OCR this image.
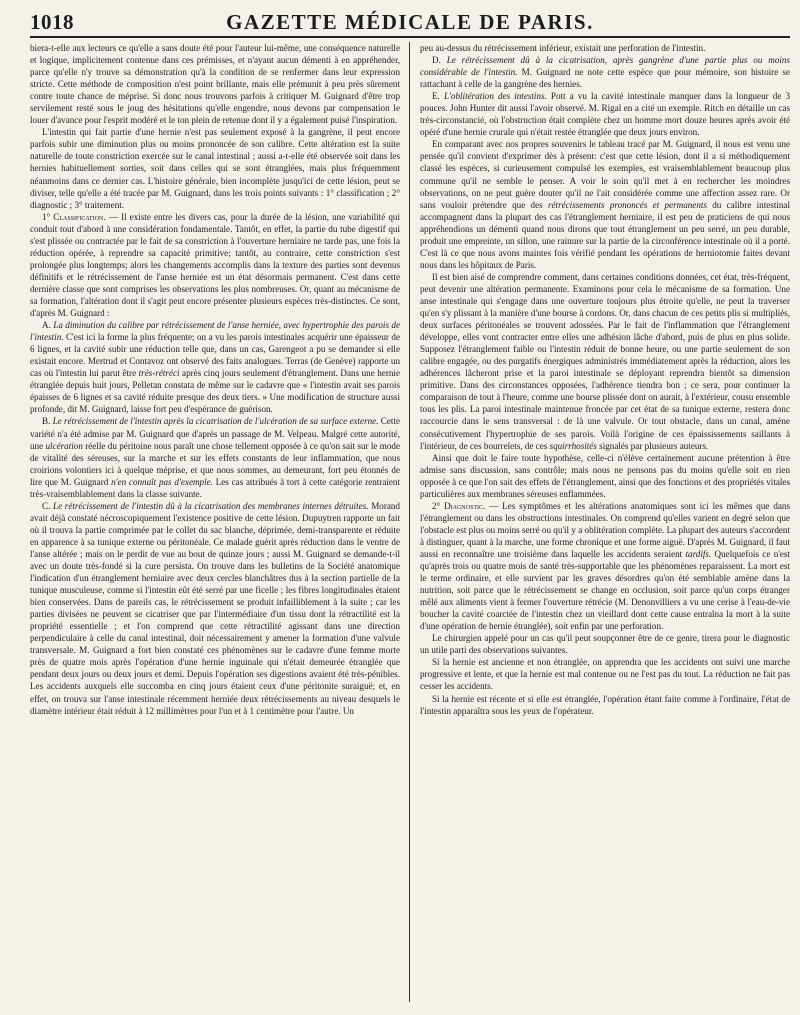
1018	GAZETTE MÉDICALE DE PARIS.

biera-t-elle aux lecteurs ce qu'elle a sans doute été pour l'auteur lui-même, une conséquence naturelle et logique, implicitement contenue dans ces prémisses, et n'ayant aucun démenti à en appréhender, parce qu'elle n'y trouve sa démonstration qu'à la condition de se renfermer dans leur expression stricte. Cette méthode de composition n'est point brillante, mais elle prémunit à peu près sûrement contre toute chance de méprise. Si donc nous trouvons parfois à critiquer M. Guignard d'être trop servilement resté sous le joug des hésitations qu'elle engendre, nous devons par compensation le louer d'avance pour l'esprit modéré et le ton plein de retenue dont il y a également puisé l'inspiration.

L'intestin qui fait partie d'une hernie n'est pas seulement exposé à la gangrène, il peut encore parfois subir une diminution plus ou moins prononcée de son calibre. Cette altération est la suite naturelle de toute constriction exercée sur le canal intestinal ; aussi a-t-elle été observée soit dans les hernies habituellement sorties, soit dans celles qui se sont étranglées, mais plus fréquemment néanmoins dans ce dernier cas. L'histoire générale, bien incomplète jusqu'ici de cette lésion, peut se diviser, telle qu'elle a été tracée par M. Guignard, dans les trois points suivants : 1° classification ; 2° diagnostic ; 3° traitement.

1° Classification. — Il existe entre les divers cas, pour la durée de la lésion, une variabilité qui conduit tout d'abord à une considération fondamentale. Tantôt, en effet, la partie du tube digestif qui s'est plissée ou contractée par le fait de sa constriction à l'ouverture herniaire ne tarde pas, une fois la réduction opérée, à reprendre sa capacité primitive; tantôt, au contraire, cette constriction s'est prolongée plus longtemps; alors les changements accomplis dans la texture des parties sont devenus définitifs et le rétrécissement de l'anse herniée est un état désormais permanent. C'est dans cette dernière classe que sont comprises les observations les plus nombreuses. Or, quant au mécanisme de sa formation, l'altération dont il s'agit peut encore présenter plusieurs espèces très-distinctes. Ce sont, d'après M. Guignard :

A. La diminution du calibre par rétrécissement de l'anse herniée, avec hypertrophie des parois de l'intestin. C'est ici la forme la plus fréquente; on a vu les parois intestinales acquérir une épaisseur de 6 lignes, et la cavité subir une réduction telle que, dans un cas, Garengeot a pu se demander si elle existait encore. Mertrud et Contavoz ont observé des faits analogues. Terras (de Genève) rapporte un cas où l'intestin lui parut être très-rétréci après cinq jours seulement d'étranglement. Dans une hernie étranglée depuis huit jours, Pelletan constata de même sur le cadavre que « l'intestin avait ses parois épaisses de 6 lignes et sa cavité réduite presque des deux tiers. » Une modification de structure aussi profonde, dit M. Guignard, laisse fort peu d'espérance de guérison.

B. Le rétrécissement de l'intestin après la cicatrisation de l'ulcération de sa surface externe. Cette variété n'a été admise par M. Guignard que d'après un passage de M. Velpeau. Malgré cette autorité, une ulcération réelle du péritoine nous paraît une chose tellement opposée à ce qu'on sait sur le mode de vitalité des séreuses, sur la marche et sur les effets constants de leur inflammation, que nous croirions volontiers ici à quelque méprise, et que nous sommes, au demeurant, fort peu étonnés de lire que M. Guignard n'en connaît pas d'exemple. Les cas attribués à tort à cette catégorie rentraient très-vraisemblablement dans la classe suivante.

C. Le rétrécissement de l'intestin dû à la cicatrisation des membranes internes détruites. Morand avait déjà constaté nécroscopiquement l'existence positive de cette lésion. Dupuytren rapporte un fait où il trouva la partie comprimée par le collet du sac blanche, déprimée, demi-transparente et réduite en apparence à sa tunique externe ou péritonéale. Ce malade guérit après réduction dans le ventre de l'anse altérée ; mais on le perdit de vue au bout de quinze jours ; aussi M. Guignard se demande-t-il avec un doute très-fondé si la cure persista. On trouve dans les bulletins de la Société anatomique l'indication d'un étranglement herniaire avec deux cercles blanchâtres dus à la section partielle de la tunique musculeuse, comme si l'intestin eût été serré par une ficelle ; les fibres longitudinales étaient bien conservées. Dans de pareils cas, le rétrécissement se produit infailliblement à la suite ; car les parties divisées ne peuvent se cicatriser que par l'intermédiaire d'un tissu dont la rétractilité est la propriété essentielle ; et l'on comprend que cette rétractilité agissant dans une direction perpendiculaire à celle du canal intestinal, doit nécessairement y amener la formation d'une valvule transversale. M. Guignard a fort bien constaté ces phénomènes sur le cadavre d'une femme morte près de quatre mois après l'opération d'une hernie inguinale qui n'était demeurée étranglée que pendant deux jours ou deux jours et demi. Depuis l'opération ses digestions avaient été très-pénibles. Les accidents auxquels elle succomba en cinq jours étaient ceux d'une péritonite suraiguë; et, en effet, on trouva sur l'anse intestinale récemment herniée deux rétrécissements au niveau desquels le diamètre intérieur était réduit à 12 millimètres pour l'un et à 1 centimètre pour l'autre. Un

peu au-dessus du rétrécissement inférieur, existait une perforation de l'intestin.

D. Le rétrécissement dû à la cicatrisation, après gangrène d'une partie plus ou moins considérable de l'intestin. M. Guignard ne note cette espèce que pour mémoire, son histoire se rattachant à celle de la gangrène des hernies.

E. L'oblitération des intestins. Pott a vu la cavité intestinale manquer dans la longueur de 3 pouces. John Hunter dit aussi l'avoir observé. M. Rigal en a cité un exemple. Ritch en détaille un cas très-circonstancié, où l'obstruction était complète chez un homme mort douze heures après avoir été opéré d'une hernie crurale qui n'était restée étranglée que deux jours environ.

En comparant avec nos propres souvenirs le tableau tracé par M. Guignard, il nous est venu une pensée qu'il convient d'exprimer dès à présent: c'est que cette lésion, dont il a si méthodiquement classé les espèces, si curieusement compulsé les exemples, est vraisemblablement beaucoup plus commune qu'il ne semble le penser. A voir le soin qu'il met à en rechercher les moindres observations, on ne peut guère douter qu'il ne l'ait considérée comme une affection assez rare. Or sans vouloir prétendre que des rétrécissements prononcés et permanents du calibre intestinal accompagnent dans la plupart des cas l'étranglement herniaire, il est peu de praticiens de qui nous appréhendions un démenti quand nous dirons que tout étranglement un peu serré, un peu durable, produit une empreinte, un sillon, une rainure sur la partie de la circonférence intestinale où il a porté. C'est là ce que nous avons maintes fois vérifié pendant les opérations de herniotomie faites devant nous dans les hôpitaux de Paris.

Il est bien aisé de comprendre comment, dans certaines conditions données, cet état, très-fréquent, peut devenir une altération permanente. Examinons pour cela le mécanisme de sa formation. Une anse intestinale qui s'engage dans une ouverture toujours plus étroite qu'elle, ne peut la traverser qu'en s'y plissant à la manière d'une bourse à cordons. Or, dans chacun de ces petits plis si multipliés, deux surfaces péritonéales se trouvent adossées. Par le fait de l'inflammation que l'étranglement développe, elles vont contracter entre elles une adhésion lâche d'abord, puis de plus en plus solide. Supposez l'étranglement faible ou l'intestin réduit de bonne heure, ou une partie seulement de son calibre engagée, ou des purgatifs énergiques administrés immédiatement après la réduction, alors les adhérences lâcheront prise et la paroi intestinale se déployant reprendra bientôt sa dimension primitive. Dans des circonstances opposées, l'adhérence tiendra bon ; ce sera, pour continuer la comparaison de tout à l'heure, comme une bourse plissée dont on aurait, à l'extérieur, cousu ensemble tous les plis. La paroi intestinale maintenue froncée par cet état de sa tunique externe, restera donc raccourcie dans le sens transversal : de là une valvule. Or tout obstacle, dans un canal, amène consécutivement l'hypertrophie de ses parois. Voilà l'origine de ces épaississements saillants à l'intérieur, de ces bourrelets, de ces squirrhosités signalés par plusieurs auteurs.

Ainsi que doit le faire toute hypothèse, celle-ci n'élève certainement aucune prétention à être admise sans discussion, sans contrôle; mais nous ne pensons pas du moins qu'elle soit en rien opposée à ce que l'on sait des effets de l'étranglement, ainsi que des fonctions et des propriétés vitales particulières aux membranes séreuses enflammées.

2° Diagnostic. — Les symptômes et les altérations anatomiques sont ici les mêmes que dans l'étranglement ou dans les obstructions intestinales. On comprend qu'elles varient en degré selon que l'obstacle est plus ou moins serré ou qu'il y a oblitération complète. La plupart des auteurs s'accordent à distinguer, quant à la marche, une forme chronique et une forme aiguë. D'après M. Guignard, il faut aussi en reconnaître une troisième dans laquelle les accidents seraient tardifs. Quelquefois ce n'est qu'après trois ou quatre mois de santé très-supportable que les phénomènes reparaissent. La mort est le terme ordinaire, et elle survient par les graves désordres qu'on été semblable amène dans la nutrition, soit parce que le rétrécissement se change en occlusion, soit parce qu'un corps étranger mêlé aux aliments vient à fermer l'ouverture rétrécie (M. Denonvilliers a vu une cerise à l'eau-de-vie boucher la cavité coarctée de l'intestin chez un vieillard dont cette cause entraîna la mort à la suite d'une opération de hernie étranglée), soit enfin par une perforation.

Le chirurgien appelé pour un cas qu'il peut soupçonner être de ce genre, tirera pour le diagnostic un utile parti des observations suivantes.

Si la hernie est ancienne et non étranglée, on apprendra que les accidents ont suivi une marche progressive et lente, et que la hernie est mal contenue ou ne l'est pas du tout. La réduction ne fait pas cesser les accidents.

Si la hernie est récente et si elle est étranglée, l'opération étant faite comme à l'ordinaire, l'état de l'intestin apparaîtra sous les yeux de l'opérateur.
